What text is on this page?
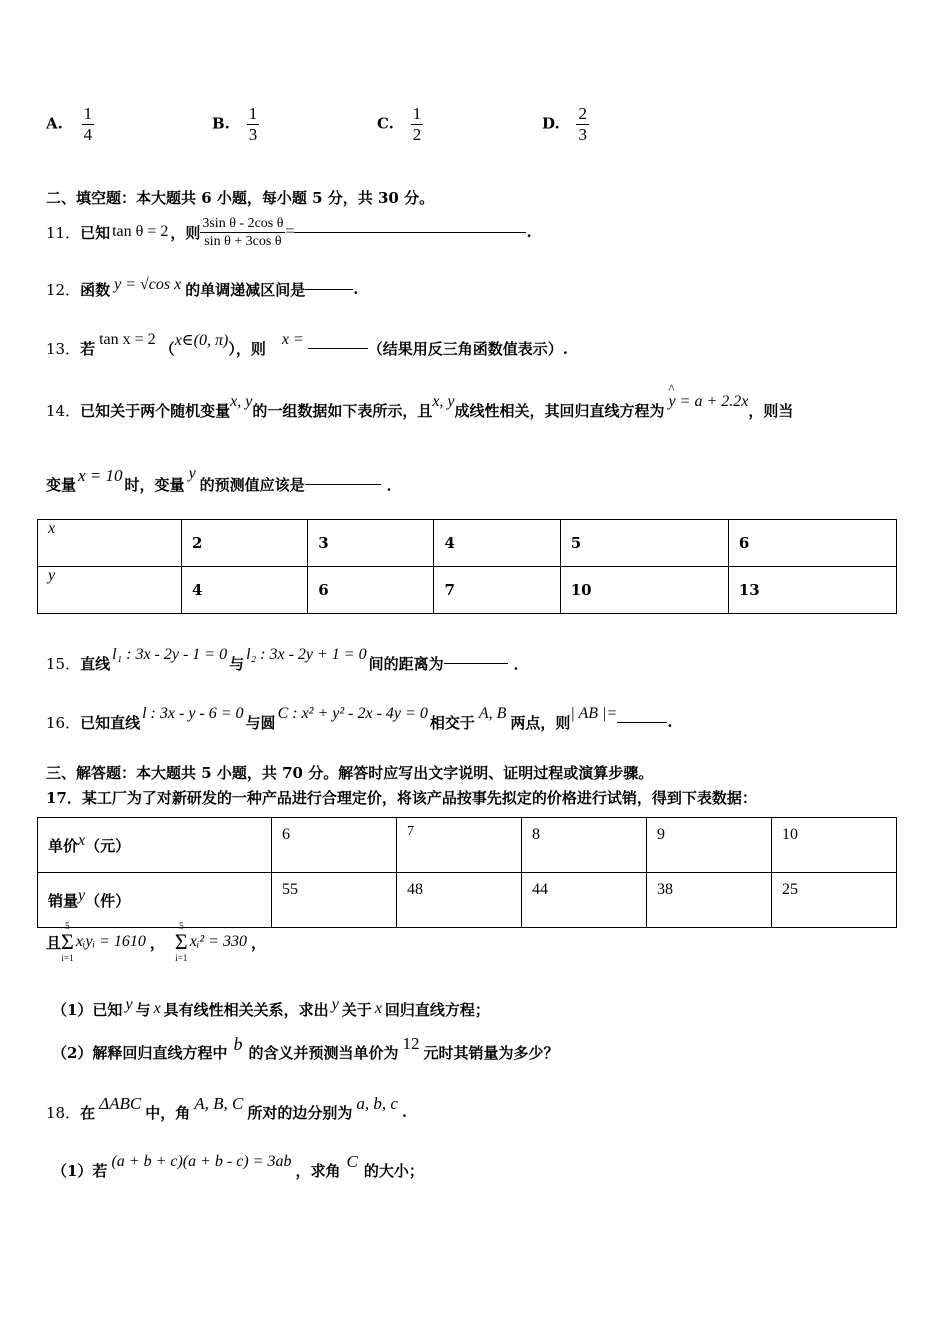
A. $\frac{1}{4}$	B. $\frac{1}{3}$	C. $\frac{1}{2}$	D. $\frac{2}{3}$
二、填空题：本大题共 6 小题，每小题 5 分，共 30 分。
11． 已知 tan θ = 2 ，则 $\frac{\text{3sin θ - 2cos θ}}{\text{sin θ + 3cos θ}}$ =	.
12． 函数 y = √cos x 的单调递减区间是	.
13． 若 tan x = 2 （ x∈(0, π) ），则 x =	（结果用反三角函数值表示）.
14． 已知关于两个随机变量 x, y 的一组数据如下表所示，且 x, y 成线性相关，其回归直线方程为 ^ y = a + 2.2x ，则当
变量 x = 10 时，变量
y
的预测值应该是	．
x	2	3	4	5	6
y	4	6	7	10	13
15． 直线 l₁ : 3x - 2y - 1 = 0 与 l₂ : 3x - 2y + 1 = 0 间的距离为	．
16． 已知直线 l : 3x - y - 6 = 0 与圆 C : x² + y² - 2x - 4y = 0 相交于 A, B 两点，则 | AB |=	.
三、解答题：本大题共 5 小题，共 70 分。解答时应写出文字说明、证明过程或演算步骤。
17．某工厂为了对新研发的一种产品进行合理定价，将该产品按事先拟定的价格进行试销，得到下表数据：
单价x（元）	6	7	8	9	10
销量y（件）	55	48	44	38	25
且
5
Σ
i=1
xᵢyᵢ = 1610 ，
5
Σ
i=1
xᵢ² = 330 ，
（1）已知 y 与 x 具有线性相关关系，求出 y 关于 x 回归直线方程；
（2）解释回归直线方程中 b 的含义并预测当单价为 12 元时其销量为多少？
18． 在 ΔABC 中，角 A, B, C 所对的边分别为 a, b, c .
（1）若 (a + b + c)(a + b - c) = 3ab ，求角 C 的大小；
